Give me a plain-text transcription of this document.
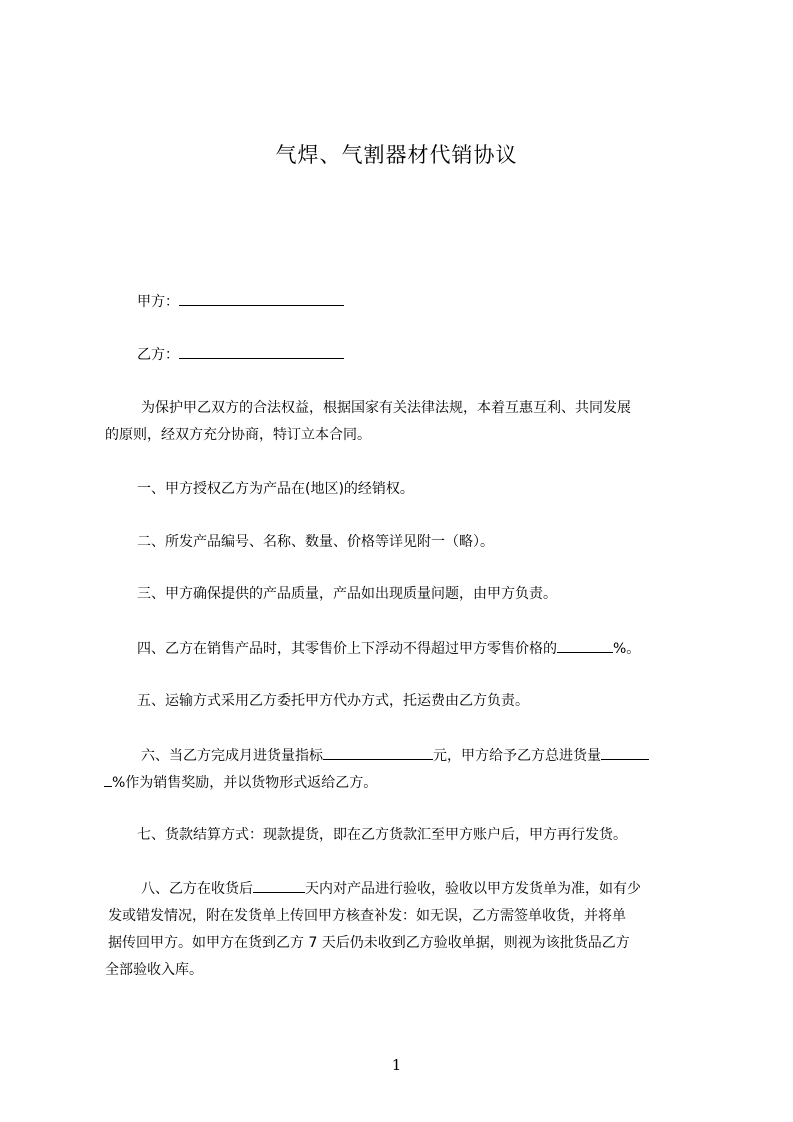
气焊、气割器材代销协议
甲方：
乙方：
为保护甲乙双方的合法权益，根据国家有关法律法规，本着互惠互利、共同发展
的原则，经双方充分协商，特订立本合同。
一、甲方授权乙方为产品在(地区)的经销权。
二、所发产品编号、名称、数量、价格等详见附一（略）。
三、甲方确保提供的产品质量，产品如出现质量问题，由甲方负责。
四、乙方在销售产品时，其零售价上下浮动不得超过甲方零售价格的	%。
五、运输方式采用乙方委托甲方代办方式，托运费由乙方负责。
六、当乙方完成月进货量指标	元，甲方给予乙方总进货量
%作为销售奖励，并以货物形式返给乙方。
七、货款结算方式：现款提货，即在乙方货款汇至甲方账户后，甲方再行发货。
八、乙方在收货后	天内对产品进行验收，验收以甲方发货单为准，如有少
发或错发情况，附在发货单上传回甲方核查补发：如无误，乙方需签单收货，并将单
据传回甲方。如甲方在货到乙方 7 天后仍未收到乙方验收单据，则视为该批货品乙方
全部验收入库。
1
